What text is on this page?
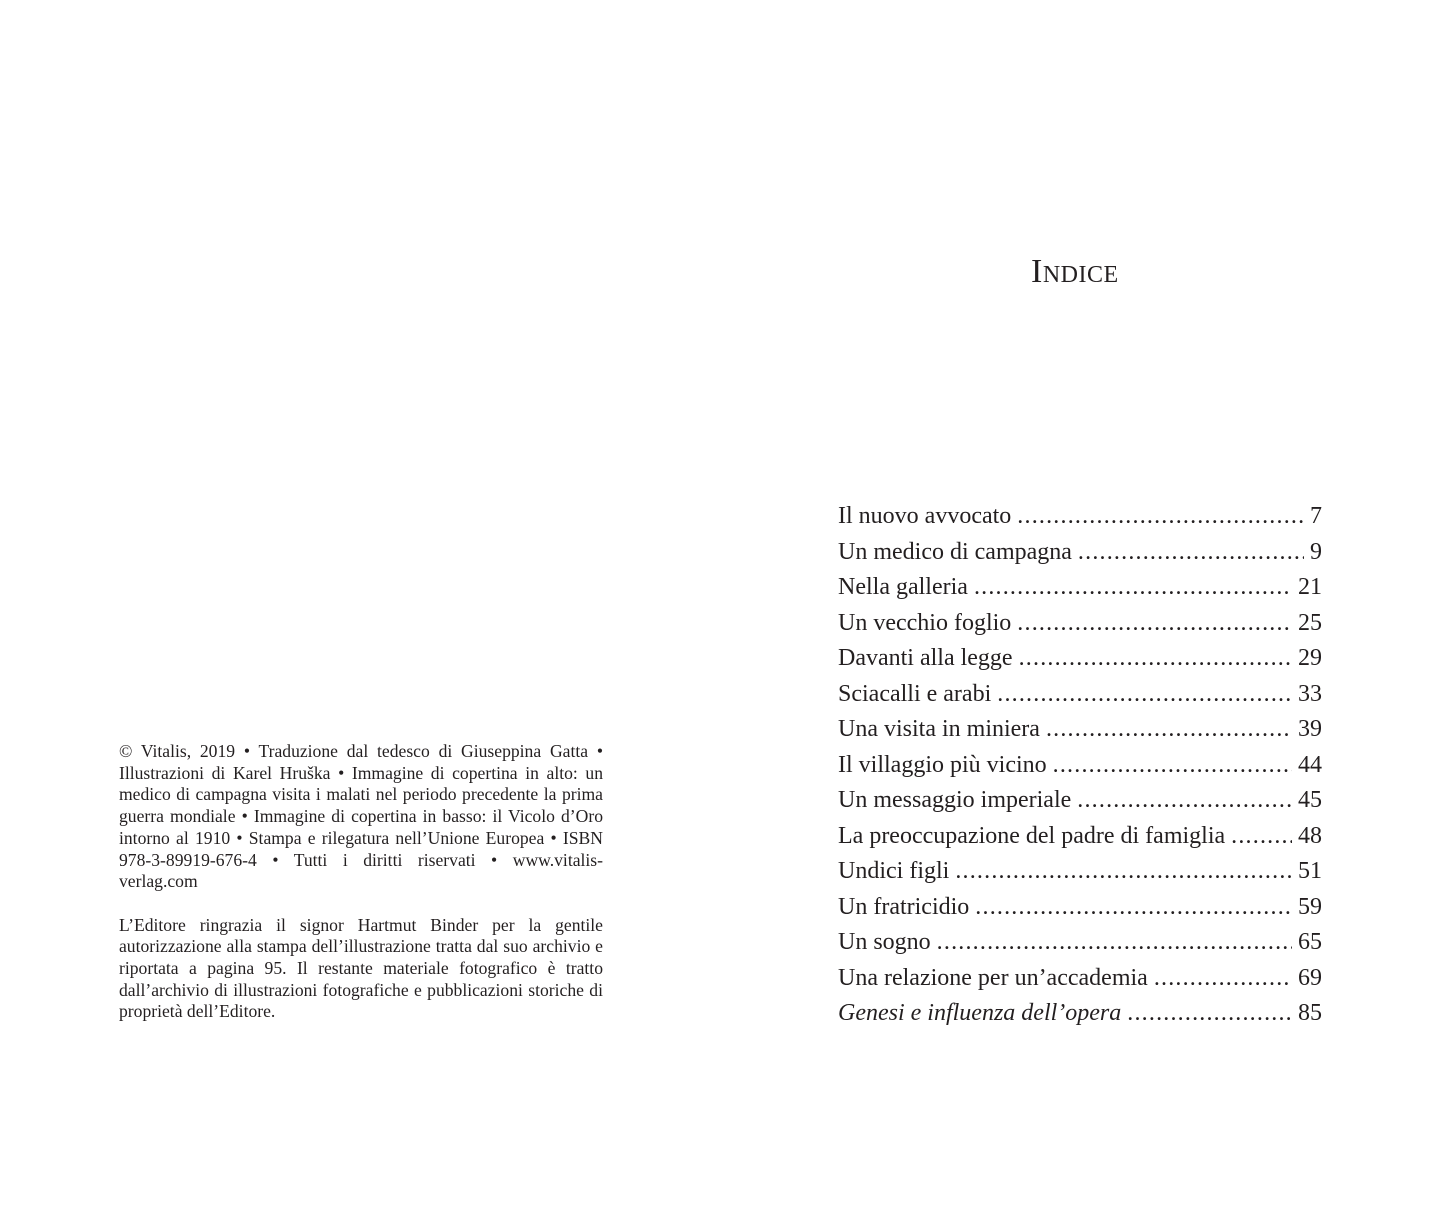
© Vitalis, 2019 • Traduzione dal tedesco di Giuseppina Gatta • Illustrazioni di Karel Hruška • Immagine di copertina in alto: un medico di campagna visita i malati nel periodo precedente la prima guerra mondiale • Immagine di copertina in basso: il Vicolo d’Oro intorno al 1910 • Stampa e rilegatura nell’Unione Europea • ISBN 978-3-89919-676-4 • Tutti i diritti riservati • www.vitalis-verlag.com

L’Editore ringrazia il signor Hartmut Binder per la gentile autorizzazione alla stampa dell’illustrazione tratta dal suo archivio e riportata a pagina 95. Il restante materiale fotografico è tratto dall’archivio di illustrazioni fotografiche e pubblicazioni storiche di proprietà dell’Editore.

Indice
Il nuovo avvocato .....	7
Un medico di campagna .....	9
Nella galleria .....	21
Un vecchio foglio .....	25
Davanti alla legge .....	29
Sciacalli e arabi .....	33
Una visita in miniera .....	39
Il villaggio più vicino .....	44
Un messaggio imperiale .....	45
La preoccupazione del padre di famiglia .....	48
Undici figli .....	51
Un fratricidio .....	59
Un sogno .....	65
Una relazione per un’accademia .....	69
Genesi e influenza dell’opera .....	85
